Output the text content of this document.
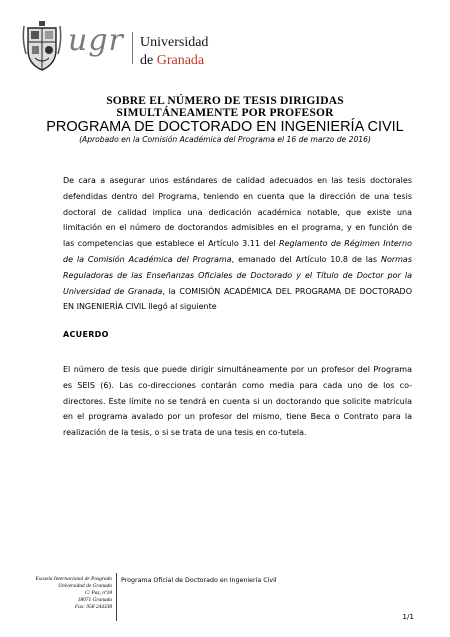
ugr Universidad
de Granada
SOBRE EL NÚMERO DE TESIS DIRIGIDAS
SIMULTÁNEAMENTE POR PROFESOR
PROGRAMA DE DOCTORADO EN INGENIERÍA CIVIL
(Aprobado en la Comisión Académica del Programa el 16 de marzo de 2016)

De cara a asegurar unos estándares de calidad adecuados en las tesis doctorales defendidas dentro del Programa, teniendo en cuenta que la dirección de una tesis doctoral de calidad implica una dedicación académica notable, que existe una limitación en el número de doctorandos admisibles en el programa, y en función de las competencias que establece el Artículo 3.11 del Reglamento de Régimen Interno de la Comisión Académica del Programa, emanado del Artículo 10.8 de las Normas Reguladoras de las Enseñanzas Oficiales de Doctorado y el Título de Doctor por la Universidad de Granada, la COMISIÓN ACADÉMICA DEL PROGRAMA DE DOCTORADO EN INGENIERÍA CIVIL llegó al siguiente

ACUERDO
El número de tesis que puede dirigir simultáneamente por un profesor del Programa es SEIS (6). Las co-direcciones contarán como media para cada uno de los co-directores. Este límite no se tendrá en cuenta si un doctorando que solicite matrícula en el programa avalado por un profesor del mismo, tiene Beca o Contrato para la realización de la tesis, o si se trata de una tesis en co-tutela.
Escuela Internacional de Posgrado
Universidad de Granada
C/ Paz, nº18
18071 Granada
Fax: 958 244338
Programa Oficial de Doctorado en Ingeniería Civil
1/1
